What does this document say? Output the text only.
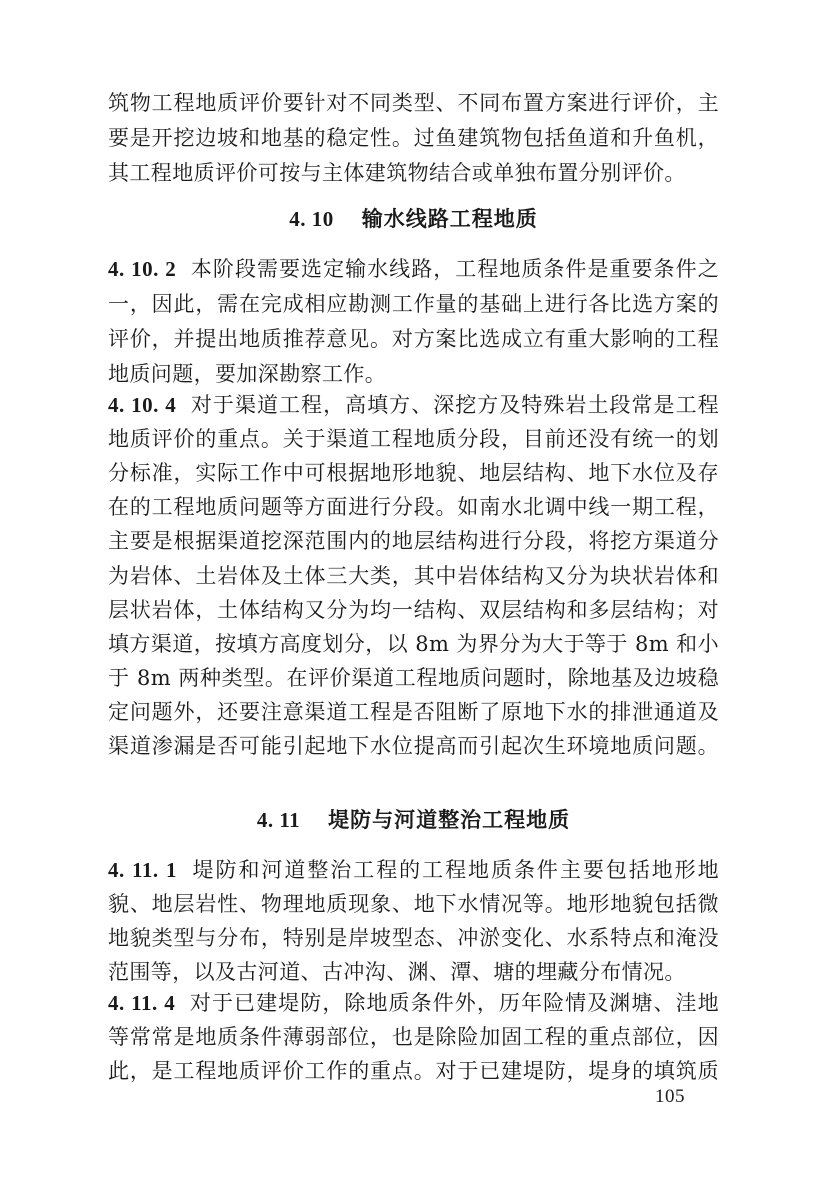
筑物工程地质评价要针对不同类型、不同布置方案进行评价，主
要是开挖边坡和地基的稳定性。过鱼建筑物包括鱼道和升鱼机，
其工程地质评价可按与主体建筑物结合或单独布置分别评价。
4. 10 输水线路工程地质
4. 10. 2 本阶段需要选定输水线路，工程地质条件是重要条件之
一，因此，需在完成相应勘测工作量的基础上进行各比选方案的
评价，并提出地质推荐意见。对方案比选成立有重大影响的工程
地质问题，要加深勘察工作。
4. 10. 4 对于渠道工程，高填方、深挖方及特殊岩土段常是工程
地质评价的重点。关于渠道工程地质分段，目前还没有统一的划
分标准，实际工作中可根据地形地貌、地层结构、地下水位及存
在的工程地质问题等方面进行分段。如南水北调中线一期工程，
主要是根据渠道挖深范围内的地层结构进行分段，将挖方渠道分
为岩体、土岩体及土体三大类，其中岩体结构又分为块状岩体和
层状岩体，土体结构又分为均一结构、双层结构和多层结构；对
填方渠道，按填方高度划分，以 8m 为界分为大于等于 8m 和小
于 8m 两种类型。在评价渠道工程地质问题时，除地基及边坡稳
定问题外，还要注意渠道工程是否阻断了原地下水的排泄通道及
渠道渗漏是否可能引起地下水位提高而引起次生环境地质问题。
4. 11 堤防与河道整治工程地质
4. 11. 1 堤防和河道整治工程的工程地质条件主要包括地形地
貌、地层岩性、物理地质现象、地下水情况等。地形地貌包括微
地貌类型与分布，特别是岸坡型态、冲淤变化、水系特点和淹没
范围等，以及古河道、古冲沟、渊、潭、塘的埋藏分布情况。
4. 11. 4 对于已建堤防，除地质条件外，历年险情及渊塘、洼地
等常常是地质条件薄弱部位，也是除险加固工程的重点部位，因
此，是工程地质评价工作的重点。对于已建堤防，堤身的填筑质
105
